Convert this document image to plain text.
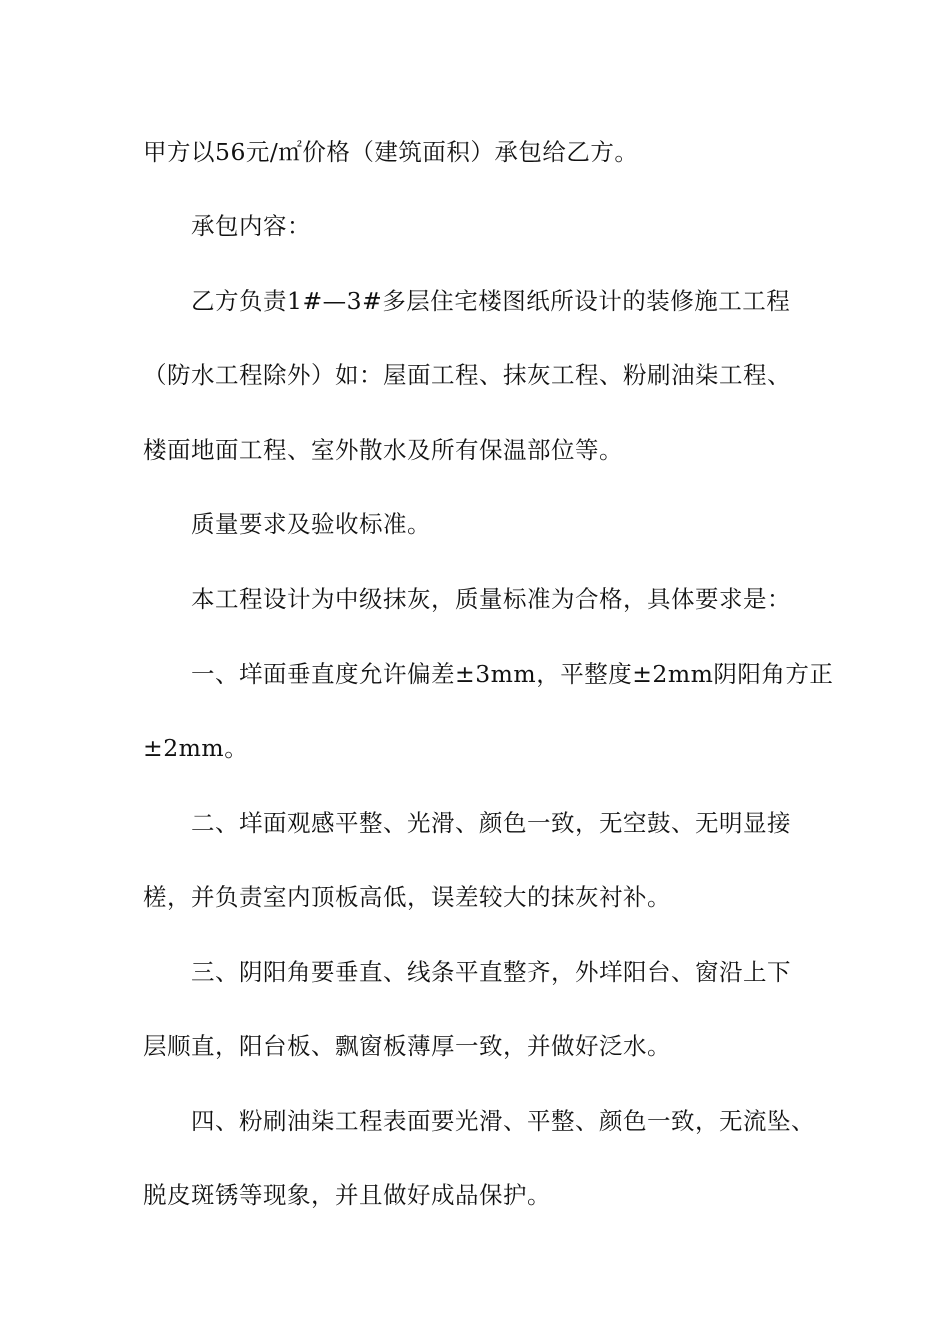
甲方以56元/㎡价格（建筑面积）承包给乙方。
承包内容：
乙方负责1#—3#多层住宅楼图纸所设计的装修施工工程
（防水工程除外）如：屋面工程、抹灰工程、粉刷油柒工程、
楼面地面工程、室外散水及所有保温部位等。
质量要求及验收标准。
本工程设计为中级抹灰，质量标准为合格，具体要求是：
一、垟面垂直度允许偏差±3mm，平整度±2mm阴阳角方正
±2mm。
二、垟面观感平整、光滑、颜色一致，无空鼓、无明显接
槎，并负责室内顶板高低，误差较大的抹灰衬补。
三、阴阳角要垂直、线条平直整齐，外垟阳台、窗沿上下
层顺直，阳台板、飘窗板薄厚一致，并做好泛水。
四、粉刷油柒工程表面要光滑、平整、颜色一致，无流坠、
脱皮斑锈等现象，并且做好成品保护。
